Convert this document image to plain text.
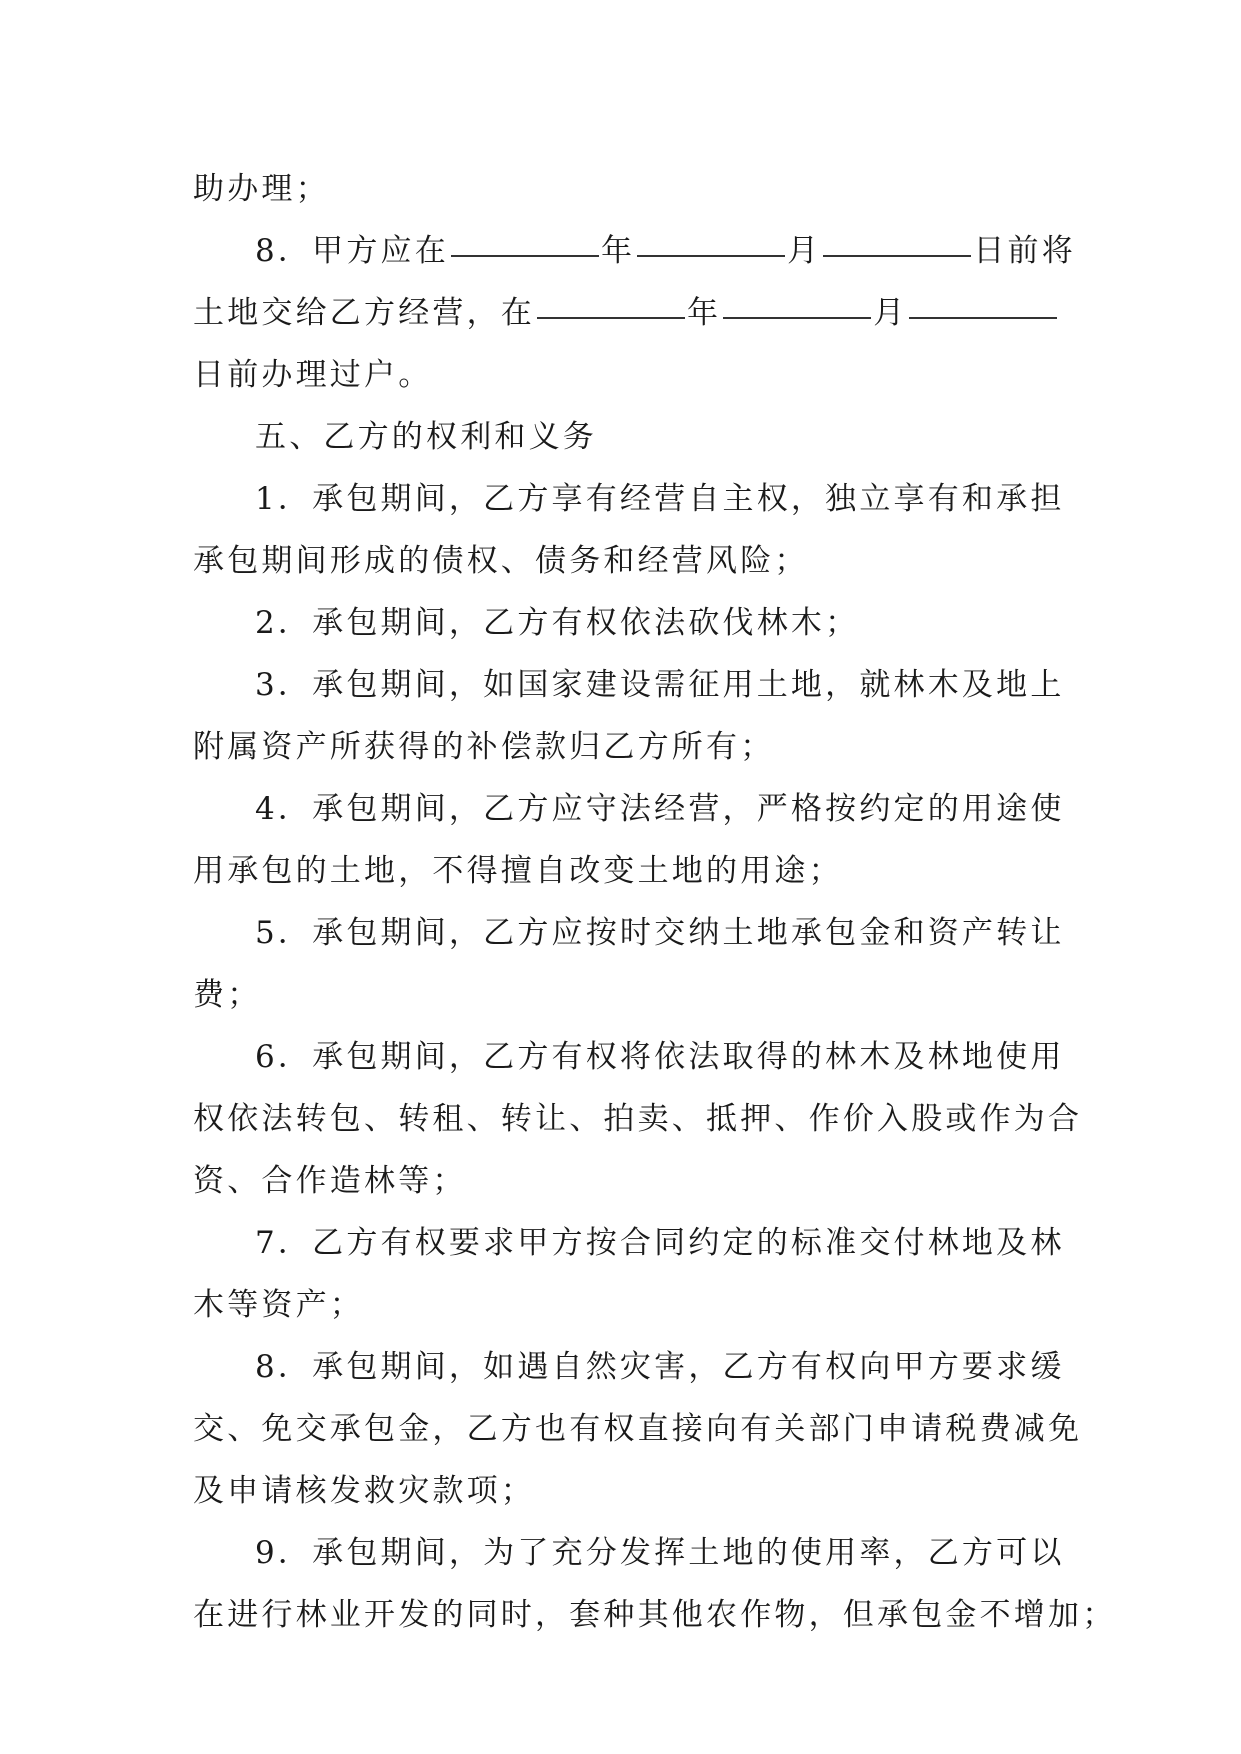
助办理；
8．甲方应在	年	月	日前将
土地交给乙方经营，在	年	月
日前办理过户。
五、乙方的权利和义务
1．承包期间，乙方享有经营自主权，独立享有和承担
承包期间形成的债权、债务和经营风险；
2．承包期间，乙方有权依法砍伐林木；
3．承包期间，如国家建设需征用土地，就林木及地上
附属资产所获得的补偿款归乙方所有；
4．承包期间，乙方应守法经营，严格按约定的用途使
用承包的土地，不得擅自改变土地的用途；
5．承包期间，乙方应按时交纳土地承包金和资产转让
费；
6．承包期间，乙方有权将依法取得的林木及林地使用
权依法转包、转租、转让、拍卖、抵押、作价入股或作为合
资、合作造林等；
7．乙方有权要求甲方按合同约定的标准交付林地及林
木等资产；
8．承包期间，如遇自然灾害，乙方有权向甲方要求缓
交、免交承包金，乙方也有权直接向有关部门申请税费减免
及申请核发救灾款项；
9．承包期间，为了充分发挥土地的使用率，乙方可以
在进行林业开发的同时，套种其他农作物，但承包金不增加；
